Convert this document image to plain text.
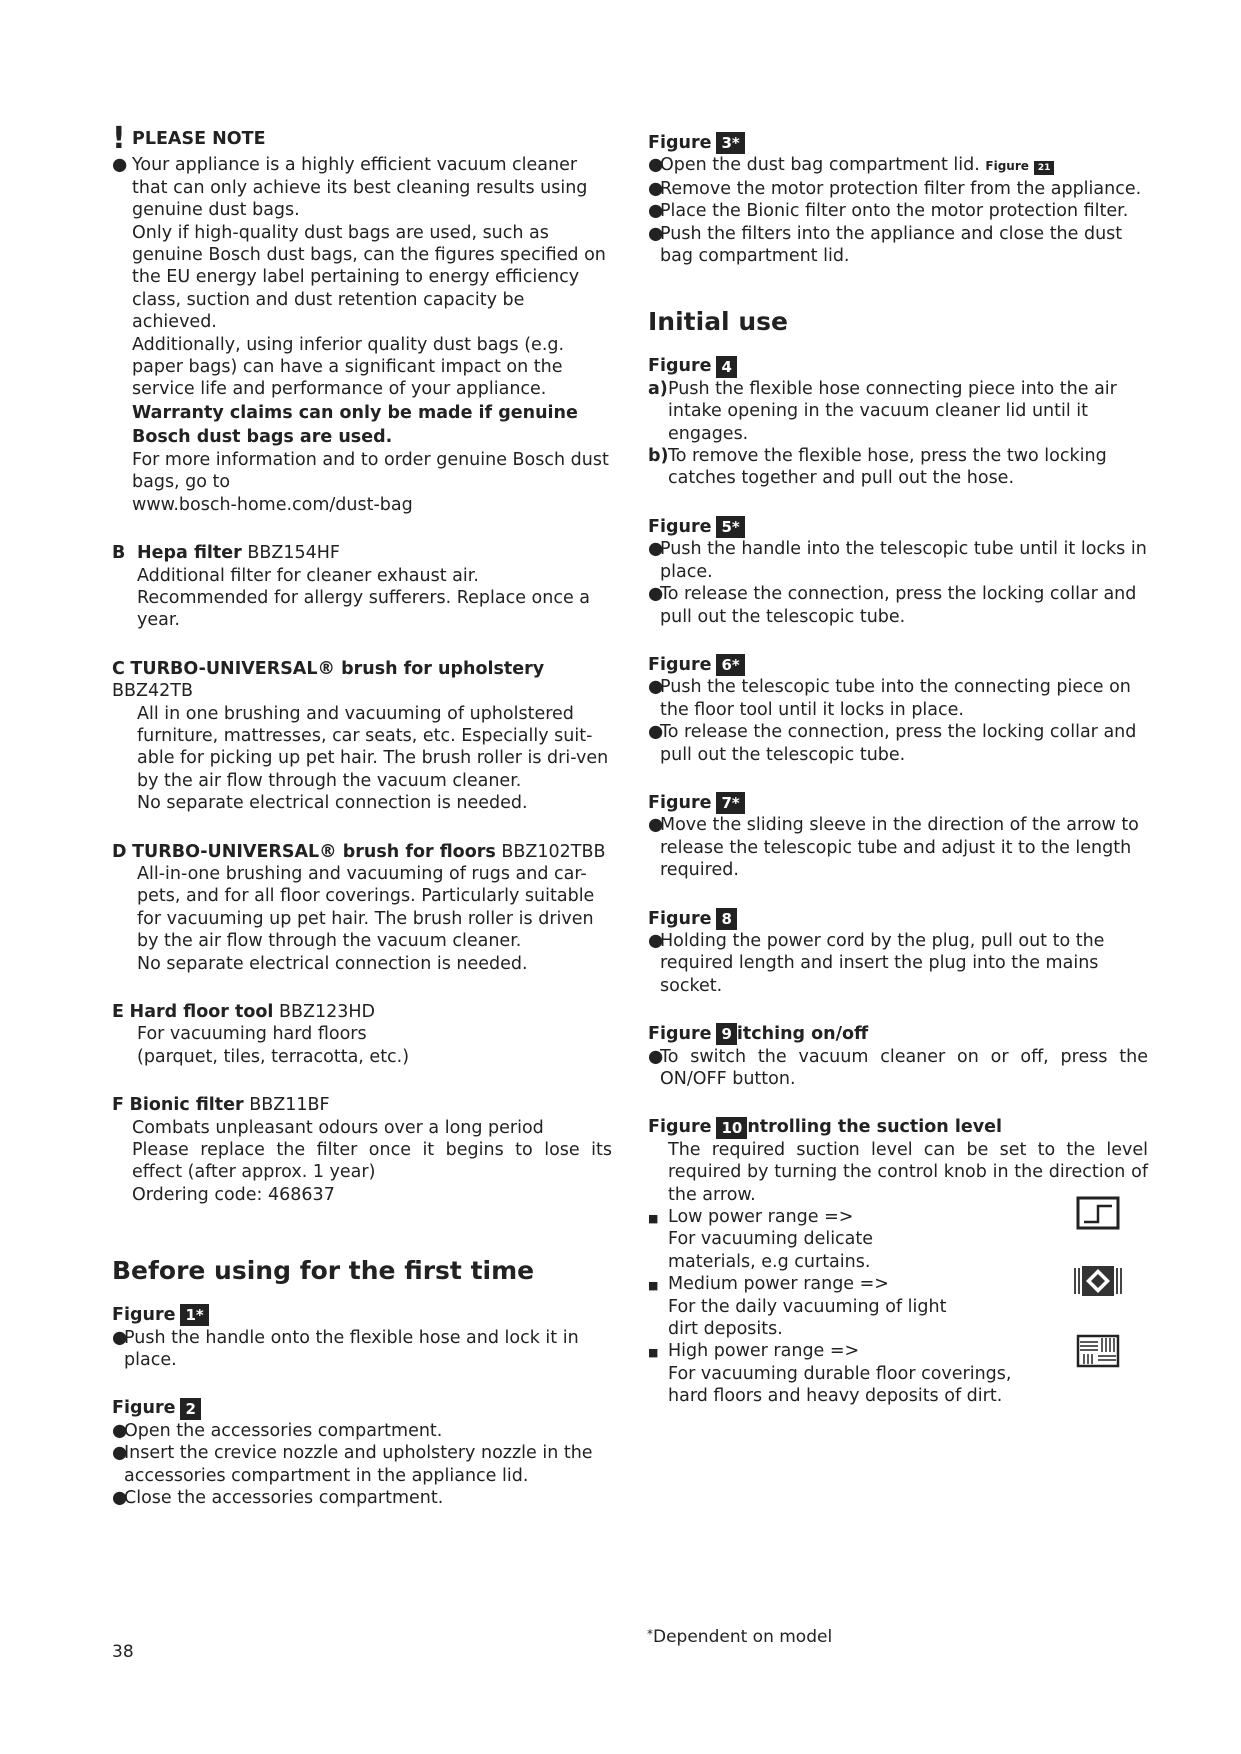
! PLEASE NOTE

● Your appliance is a highly efficient vacuum cleaner that can only achieve its best cleaning results using genuine dust bags.

Only if high-quality dust bags are used, such as genuine Bosch dust bags, can the figures specified on the EU energy label pertaining to energy efficiency class, suction and dust retention capacity be achieved.

Additionally, using inferior quality dust bags (e.g. paper bags) can have a significant impact on the service life and performance of your appliance.

Warranty claims can only be made if genuine Bosch dust bags are used.

For more information and to order genuine Bosch dust bags, go to

www.bosch-home.com/dust-bag

B Hepa filter BBZ154HF

Additional filter for cleaner exhaust air.

Recommended for allergy sufferers. Replace once a year.

C TURBO-UNIVERSAL® brush for upholstery BBZ42TB

All in one brushing and vacuuming of upholstered furniture, mattresses, car seats, etc. Especially suit-able for picking up pet hair. The brush roller is dri-ven by the air flow through the vacuum cleaner.

No separate electrical connection is needed.

D TURBO-UNIVERSAL® brush for floors BBZ102TBB

All-in-one brushing and vacuuming of rugs and car-pets, and for all floor coverings. Particularly suitable for vacuuming up pet hair. The brush roller is driven by the air flow through the vacuum cleaner.

No separate electrical connection is needed.

E Hard floor tool BBZ123HD

For vacuuming hard floors

(parquet, tiles, terracotta, etc.)

F Bionic filter BBZ11BF

Combats unpleasant odours over a long period

Please replace the filter once it begins to lose its effect (after approx. 1 year)

Ordering code: 468637

Before using for the first time

Figure 1*

●
Push the handle onto the flexible hose and lock it in place.

Figure 2

●
Open the accessories compartment.
●
Insert the crevice nozzle and upholstery nozzle in the accessories compartment in the appliance lid.
●
Close the accessories compartment.

Figure 3*

●
Open the dust bag compartment lid. Figure 21
●
Remove the motor protection filter from the appliance.
●
Place the Bionic filter onto the motor protection filter.
●
Push the filters into the appliance and close the dust bag compartment lid.

Initial use

Figure 4

a) Push the flexible hose connecting piece into the air intake opening in the vacuum cleaner lid until it engages.
b) To remove the flexible hose, press the two locking catches together and pull out the hose.

Figure 5*

●
Push the handle into the telescopic tube until it locks in place.
●
To release the connection, press the locking collar and pull out the telescopic tube.

Figure 6*

●
Push the telescopic tube into the connecting piece on the floor tool until it locks in place.
●
To release the connection, press the locking collar and pull out the telescopic tube.

Figure 7*

●
Move the sliding sleeve in the direction of the arrow to release the telescopic tube and adjust it to the length required.

Figure 8

●
Holding the power cord by the plug, pull out to the required length and insert the plug into the mains socket.

Figure 9 itching on/off

●
To switch the vacuum cleaner on or off, press the ON/OFF button.

Figure 10 ntrolling the suction level

The required suction level can be set to the level required by turning the control knob in the direction of the arrow.

■ Low power range =>
For vacuuming delicate materials, e.g curtains.
■ Medium power range =>
For the daily vacuuming of light dirt deposits.
■ High power range =>
For vacuuming durable floor coverings, hard floors and heavy deposits of dirt.
38
*Dependent on model
